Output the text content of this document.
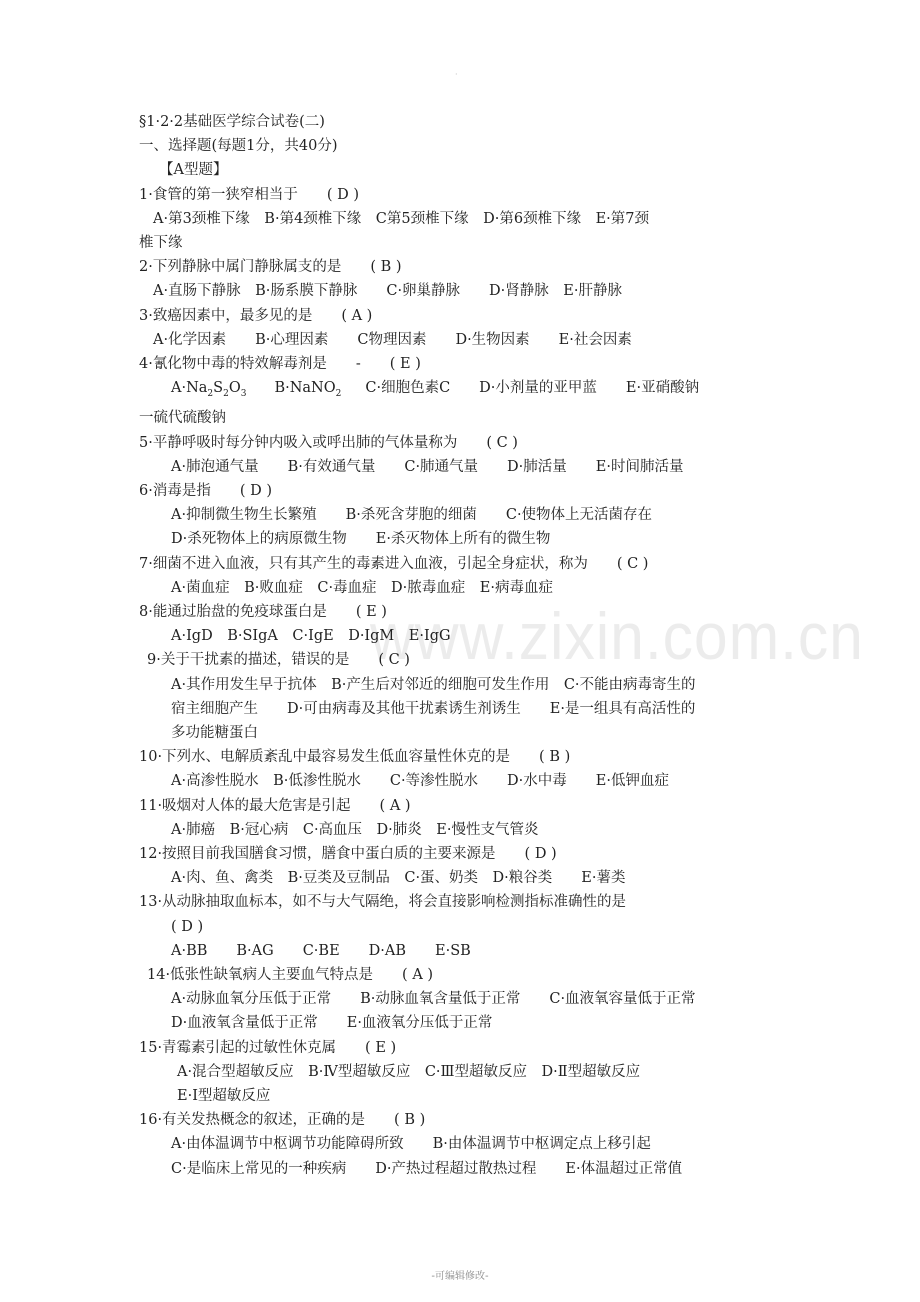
·
www.zixin.com.cn
§1·2·2基础医学综合试卷(二)
一、选择题(每题1分，共40分)
【A型题】
1·食管的第一狭窄相当于　　( D )
A·第3颈椎下缘　B·第4颈椎下缘　C第5颈椎下缘　D·第6颈椎下缘　E·第7颈
椎下缘
2·下列静脉中属门静脉属支的是　　( B )
A·直肠下静脉　B·肠系膜下静脉　　C·卵巢静脉　　D·肾静脉　E·肝静脉
3·致癌因素中，最多见的是　　( A )
A·化学因素　　B·心理因素　　C物理因素　　D·生物因素　　E·社会因素
4·氰化物中毒的特效解毒剂是　　-　　( E )
$A\cdot Na_2S_2O_3$ B·NaNO$_2$ C·细胞色素C　　D·小剂量的亚甲蓝　　E·亚硝酸钠
一硫代硫酸钠
5·平静呼吸时每分钟内吸入或呼出肺的气体量称为　　( C )
A·肺泡通气量　　B·有效通气量　　C·肺通气量　　D·肺活量　　E·时间肺活量
6·消毒是指　　( D )
A·抑制微生物生长繁殖　　B·杀死含芽胞的细菌　　C·使物体上无活菌存在
D·杀死物体上的病原微生物　　E·杀灭物体上所有的微生物
7·细菌不进入血液，只有其产生的毒素进入血液，引起全身症状，称为　　( C )
A·菌血症　B·败血症　C·毒血症　D·脓毒血症　E·病毒血症
8·能通过胎盘的免疫球蛋白是　　( E )
A·IgD　B·SIgA　C·IgE　D·IgM　E·IgG
9·关于干扰素的描述，错误的是　　( C )
A·其作用发生早于抗体　B·产生后对邻近的细胞可发生作用　C·不能由病毒寄生的
宿主细胞产生　　D·可由病毒及其他干扰素诱生剂诱生　　E·是一组具有高活性的
多功能糖蛋白
10·下列水、电解质紊乱中最容易发生低血容量性休克的是　　( B )
A·高渗性脱水　B·低渗性脱水　　C·等渗性脱水　　D·水中毒　　E·低钾血症
11·吸烟对人体的最大危害是引起　　( A )
A·肺癌　B·冠心病　C·高血压　D·肺炎　E·慢性支气管炎
12·按照目前我国膳食习惯，膳食中蛋白质的主要来源是　　( D )
A·肉、鱼、禽类　B·豆类及豆制品　C·蛋、奶类　D·粮谷类　　E·薯类
13·从动脉抽取血标本，如不与大气隔绝，将会直接影响检测指标准确性的是
( D )
A·BB　　B·AG　　C·BE　　D·AB　　E·SB
14·低张性缺氧病人主要血气特点是　　( A )
A·动脉血氧分压低于正常　　B·动脉血氧含量低于正常　　C·血液氧容量低于正常
D·血液氧含量低于正常　　E·血液氧分压低于正常
15·青霉素引起的过敏性休克属　　( E )
A·混合型超敏反应　B·Ⅳ型超敏反应　C·Ⅲ型超敏反应　D·Ⅱ型超敏反应
E·I型超敏反应
16·有关发热概念的叙述，正确的是　　( B )
A·由体温调节中枢调节功能障碍所致　　B·由体温调节中枢调定点上移引起
C·是临床上常见的一种疾病　　D·产热过程超过散热过程　　E·体温超过正常值
-可编辑修改-
